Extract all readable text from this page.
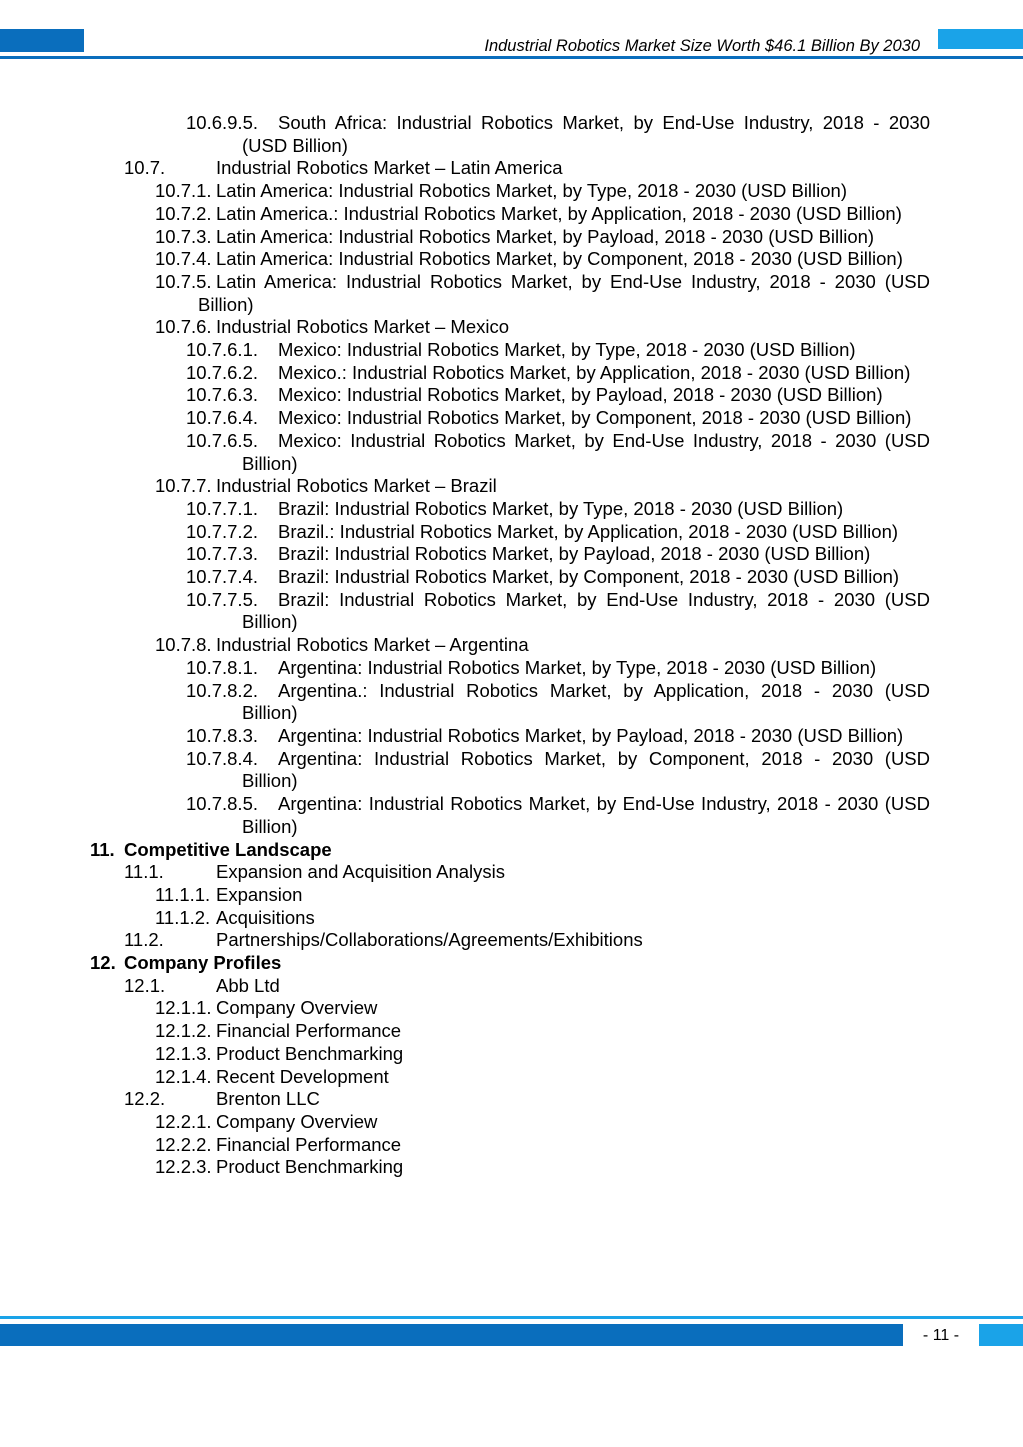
Industrial Robotics Market Size Worth $46.1 Billion By 2030
10.6.9.5.	South Africa: Industrial Robotics Market, by End-Use Industry, 2018 - 2030 (USD Billion)
10.7.	Industrial Robotics Market – Latin America
10.7.1. Latin America: Industrial Robotics Market, by Type, 2018 - 2030 (USD Billion)
10.7.2. Latin America.: Industrial Robotics Market, by Application, 2018 - 2030 (USD Billion)
10.7.3. Latin America: Industrial Robotics Market, by Payload, 2018 - 2030 (USD Billion)
10.7.4. Latin America: Industrial Robotics Market, by Component, 2018 - 2030 (USD Billion)
10.7.5. Latin America: Industrial Robotics Market, by End-Use Industry, 2018 - 2030 (USD Billion)
10.7.6. Industrial Robotics Market – Mexico
10.7.6.1.	Mexico: Industrial Robotics Market, by Type, 2018 - 2030 (USD Billion)
10.7.6.2.	Mexico.: Industrial Robotics Market, by Application, 2018 - 2030 (USD Billion)
10.7.6.3.	Mexico: Industrial Robotics Market, by Payload, 2018 - 2030 (USD Billion)
10.7.6.4.	Mexico: Industrial Robotics Market, by Component, 2018 - 2030 (USD Billion)
10.7.6.5.	Mexico: Industrial Robotics Market, by End-Use Industry, 2018 - 2030 (USD Billion)
10.7.7. Industrial Robotics Market – Brazil
10.7.7.1.	Brazil: Industrial Robotics Market, by Type, 2018 - 2030 (USD Billion)
10.7.7.2.	Brazil.: Industrial Robotics Market, by Application, 2018 - 2030 (USD Billion)
10.7.7.3.	Brazil: Industrial Robotics Market, by Payload, 2018 - 2030 (USD Billion)
10.7.7.4.	Brazil: Industrial Robotics Market, by Component, 2018 - 2030 (USD Billion)
10.7.7.5.	Brazil: Industrial Robotics Market, by End-Use Industry, 2018 - 2030 (USD Billion)
10.7.8. Industrial Robotics Market – Argentina
10.7.8.1.	Argentina: Industrial Robotics Market, by Type, 2018 - 2030 (USD Billion)
10.7.8.2.	Argentina.: Industrial Robotics Market, by Application, 2018 - 2030 (USD Billion)
10.7.8.3.	Argentina: Industrial Robotics Market, by Payload, 2018 - 2030 (USD Billion)
10.7.8.4.	Argentina: Industrial Robotics Market, by Component, 2018 - 2030 (USD Billion)
10.7.8.5.	Argentina: Industrial Robotics Market, by End-Use Industry, 2018 - 2030 (USD Billion)
11. Competitive Landscape
11.1.	Expansion and Acquisition Analysis
11.1.1. Expansion
11.1.2. Acquisitions
11.2.	Partnerships/Collaborations/Agreements/Exhibitions
12. Company Profiles
12.1.	Abb Ltd
12.1.1. Company Overview
12.1.2. Financial Performance
12.1.3. Product Benchmarking
12.1.4. Recent Development
12.2.	Brenton LLC
12.2.1. Company Overview
12.2.2. Financial Performance
12.2.3. Product Benchmarking
- 11 -
